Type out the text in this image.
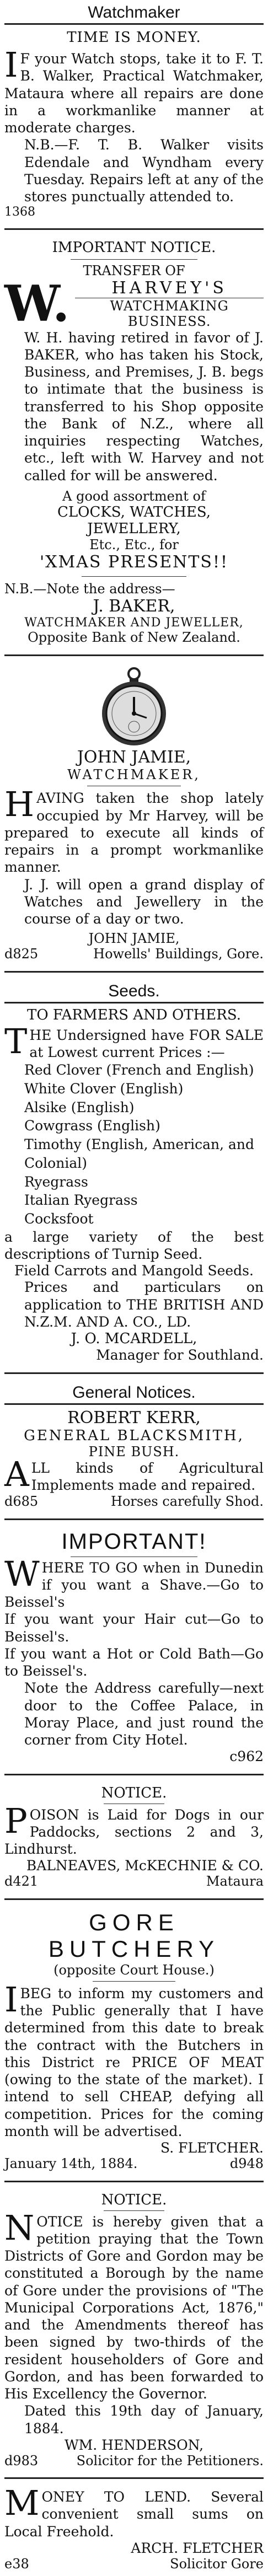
Watchmaker
TIME IS MONEY.
I F your Watch stops, take it to F. T. B. Walker, Practical Watchmaker, Mataura where all repairs are done in a workmanlike manner at moderate charges.
N.B.—F. T. B. Walker visits Edendale and Wyndham every Tuesday. Repairs left at any of the stores punctually attended to.
1368
IMPORTANT NOTICE.
TRANSFER OF
W.	HARVEY'S
WATCHMAKING BUSINESS.
W. H. having retired in favor of J. BAKER, who has taken his Stock, Business, and Premises, J. B. begs to intimate that the business is transferred to his Shop opposite the Bank of N.Z., where all inquiries respecting Watches, etc., left with W. Harvey and not called for will be answered.
A good assortment of
CLOCKS, WATCHES,
JEWELLERY,
Etc., Etc., for
'XMAS PRESENTS!!
N.B.—Note the address—
J. BAKER,
WATCHMAKER AND JEWELLER,
Opposite Bank of New Zealand.
JOHN JAMIE,
WATCHMAKER,
H AVING taken the shop lately occupied by Mr Harvey, will be prepared to execute all kinds of repairs in a prompt workmanlike manner.
J. J. will open a grand display of Watches and Jewellery in the course of a day or two.
JOHN JAMIE,
d825	Howells' Buildings, Gore.
Seeds.
TO FARMERS AND OTHERS.
T HE Undersigned have FOR SALE at Lowest current Prices :—
Red Clover (French and English)
White Clover (English)
Alsike (English)
Cowgrass (English)
Timothy (English, American, and Colonial)
Ryegrass
Italian Ryegrass
Cocksfoot
a large variety of the best descriptions of Turnip Seed.
Field Carrots and Mangold Seeds.
Prices and particulars on application to THE BRITISH AND N.Z.M. AND A. CO., LD.
J. O. MCARDELL,
Manager for Southland.
General Notices.
ROBERT KERR,
GENERAL BLACKSMITH,
PINE BUSH.
A LL kinds of Agricultural Implements made and repaired.
d685	Horses carefully Shod.
IMPORTANT!
W HERE TO GO when in Dunedin if you want a Shave.—Go to Beissel's
If you want your Hair cut—Go to Beissel's.
If you want a Hot or Cold Bath—Go to Beissel's.
Note the Address carefully—next door to the Coffee Palace, in Moray Place, and just round the corner from City Hotel.
c962
NOTICE.
P OISON is Laid for Dogs in our Paddocks, sections 2 and 3, Lindhurst.
BALNEAVES, McKECHNIE & CO.
d421	Mataura
GORE BUTCHERY
(opposite Court House.)
I BEG to inform my customers and the Public generally that I have determined from this date to break the contract with the Butchers in this District re PRICE OF MEAT (owing to the state of the market). I intend to sell CHEAP, defying all competition. Prices for the coming month will be advertised.
S. FLETCHER.
January 14th, 1884.	d948
NOTICE.
N OTICE is hereby given that a petition praying that the Town Districts of Gore and Gordon may be constituted a Borough by the name of Gore under the provisions of "The Municipal Corporations Act, 1876," and the Amendments thereof has been signed by two-thirds of the resident householders of Gore and Gordon, and has been forwarded to His Excellency the Governor.
Dated this 19th day of January, 1884.
WM. HENDERSON,
d983	Solicitor for the Petitioners.
M ONEY TO LEND. Several convenient small sums on Local Freehold.
ARCH. FLETCHER
e38	Solicitor Gore
